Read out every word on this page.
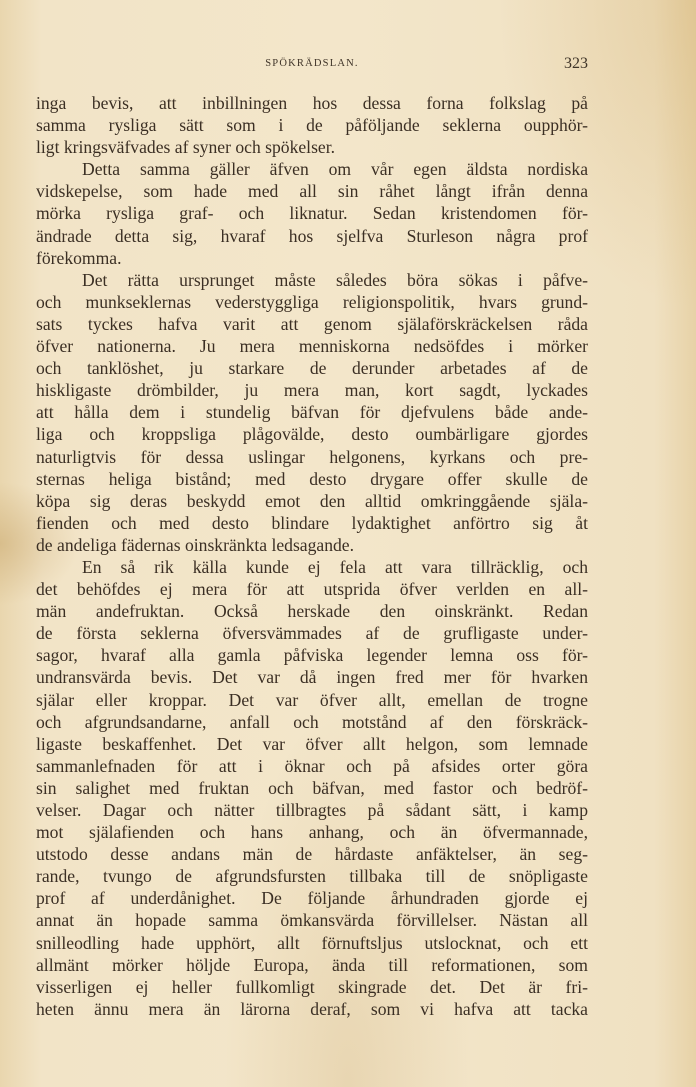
SPÖKRÄDSLAN.	323
inga bevis, att inbillningen hos dessa forna folkslag på
samma rysliga sätt som i de påföljande seklerna oupphör-
ligt kringsväfvades af syner och spökelser.
Detta samma gäller äfven om vår egen äldsta nordiska
vidskepelse, som hade med all sin råhet långt ifrån denna
mörka rysliga graf- och liknatur. Sedan kristendomen för-
ändrade detta sig, hvaraf hos sjelfva Sturleson några prof
förekomma.
Det rätta ursprunget måste således böra sökas i påfve-
och munkseklernas vederstyggliga religionspolitik, hvars grund-
sats tyckes hafva varit att genom själaförskräckelsen råda
öfver nationerna. Ju mera menniskorna nedsöfdes i mörker
och tanklöshet, ju starkare de derunder arbetades af de
hiskligaste drömbilder, ju mera man, kort sagdt, lyckades
att hålla dem i stundelig bäfvan för djefvulens både ande-
liga och kroppsliga plågovälde, desto oumbärligare gjordes
naturligtvis för dessa uslingar helgonens, kyrkans och pre-
sternas heliga bistånd; med desto drygare offer skulle de
köpa sig deras beskydd emot den alltid omkringgående själa-
fienden och med desto blindare lydaktighet anförtro sig åt
de andeliga fädernas oinskränkta ledsagande.
En så rik källa kunde ej fela att vara tillräcklig, och
det behöfdes ej mera för att utsprida öfver verlden en all-
män andefruktan. Också herskade den oinskränkt. Redan
de första seklerna öfversvämmades af de grufligaste under-
sagor, hvaraf alla gamla påfviska legender lemna oss för-
undransvärda bevis. Det var då ingen fred mer för hvarken
själar eller kroppar. Det var öfver allt, emellan de trogne
och afgrundsandarne, anfall och motstånd af den förskräck-
ligaste beskaffenhet. Det var öfver allt helgon, som lemnade
sammanlefnaden för att i öknar och på afsides orter göra
sin salighet med fruktan och bäfvan, med fastor och bedröf-
velser. Dagar och nätter tillbragtes på sådant sätt, i kamp
mot själafienden och hans anhang, och än öfvermannade,
utstodo desse andans män de hårdaste anfäktelser, än seg-
rande, tvungo de afgrundsfursten tillbaka till de snöpligaste
prof af underdånighet. De följande århundraden gjorde ej
annat än hopade samma ömkansvärda förvillelser. Nästan all
snilleodling hade upphört, allt förnuftsljus utslocknat, och ett
allmänt mörker höljde Europa, ända till reformationen, som
visserligen ej heller fullkomligt skingrade det. Det är fri-
heten ännu mera än lärorna deraf, som vi hafva att tacka
